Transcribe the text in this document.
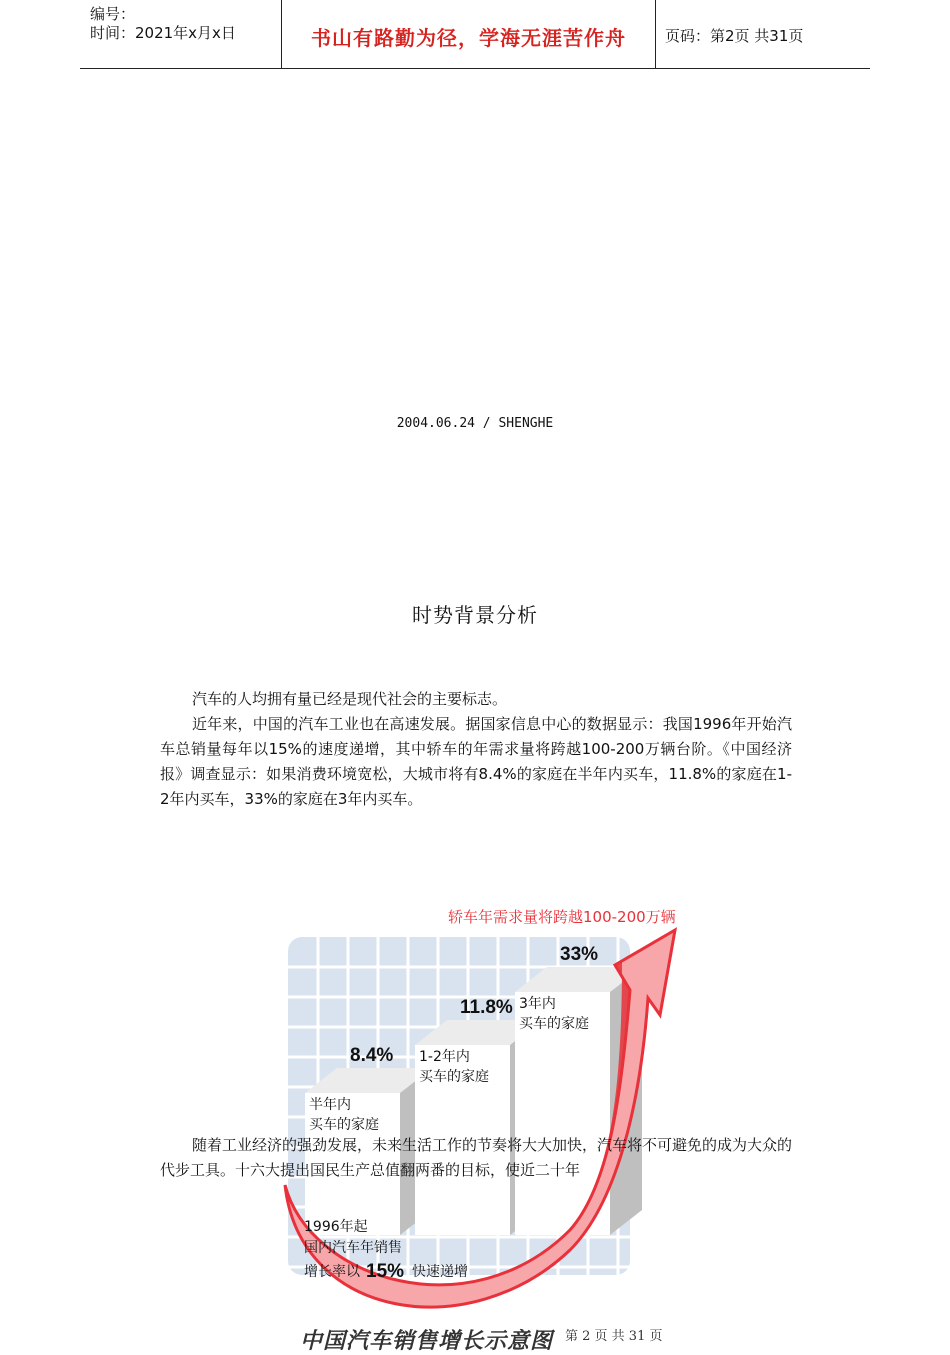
编号：
时间：2021年x月x日	书山有路勤为径，学海无涯苦作舟	页码：第2页 共31页
2004.06.24 / SHENGHE
时势背景分析
汽车的人均拥有量已经是现代社会的主要标志。
近年来，中国的汽车工业也在高速发展。据国家信息中心的数据显示：我国1996年开始汽车总销量每年以15%的速度递增，其中轿车的年需求量将跨越100-200万辆台阶。《中国经济报》调查显示：如果消费环境宽松，大城市将有8.4%的家庭在半年内买车，11.8%的家庭在1-2年内买车，33%的家庭在3年内买车。
8.4%
半年内
买车的家庭
11.8%
1-2年内
买车的家庭
33%
3年内
买车的家庭
轿车年需求量将跨越100-200万辆
1996年起
国内汽车年销售
增长率以 15% 快速递增
随着工业经济的强劲发展，未来生活工作的节奏将大大加快，汽车将不可避免的成为大众的代步工具。十六大提出国民生产总值翻两番的目标，使近二十年
中国汽车销售增长示意图 第 2 页 共 31 页
